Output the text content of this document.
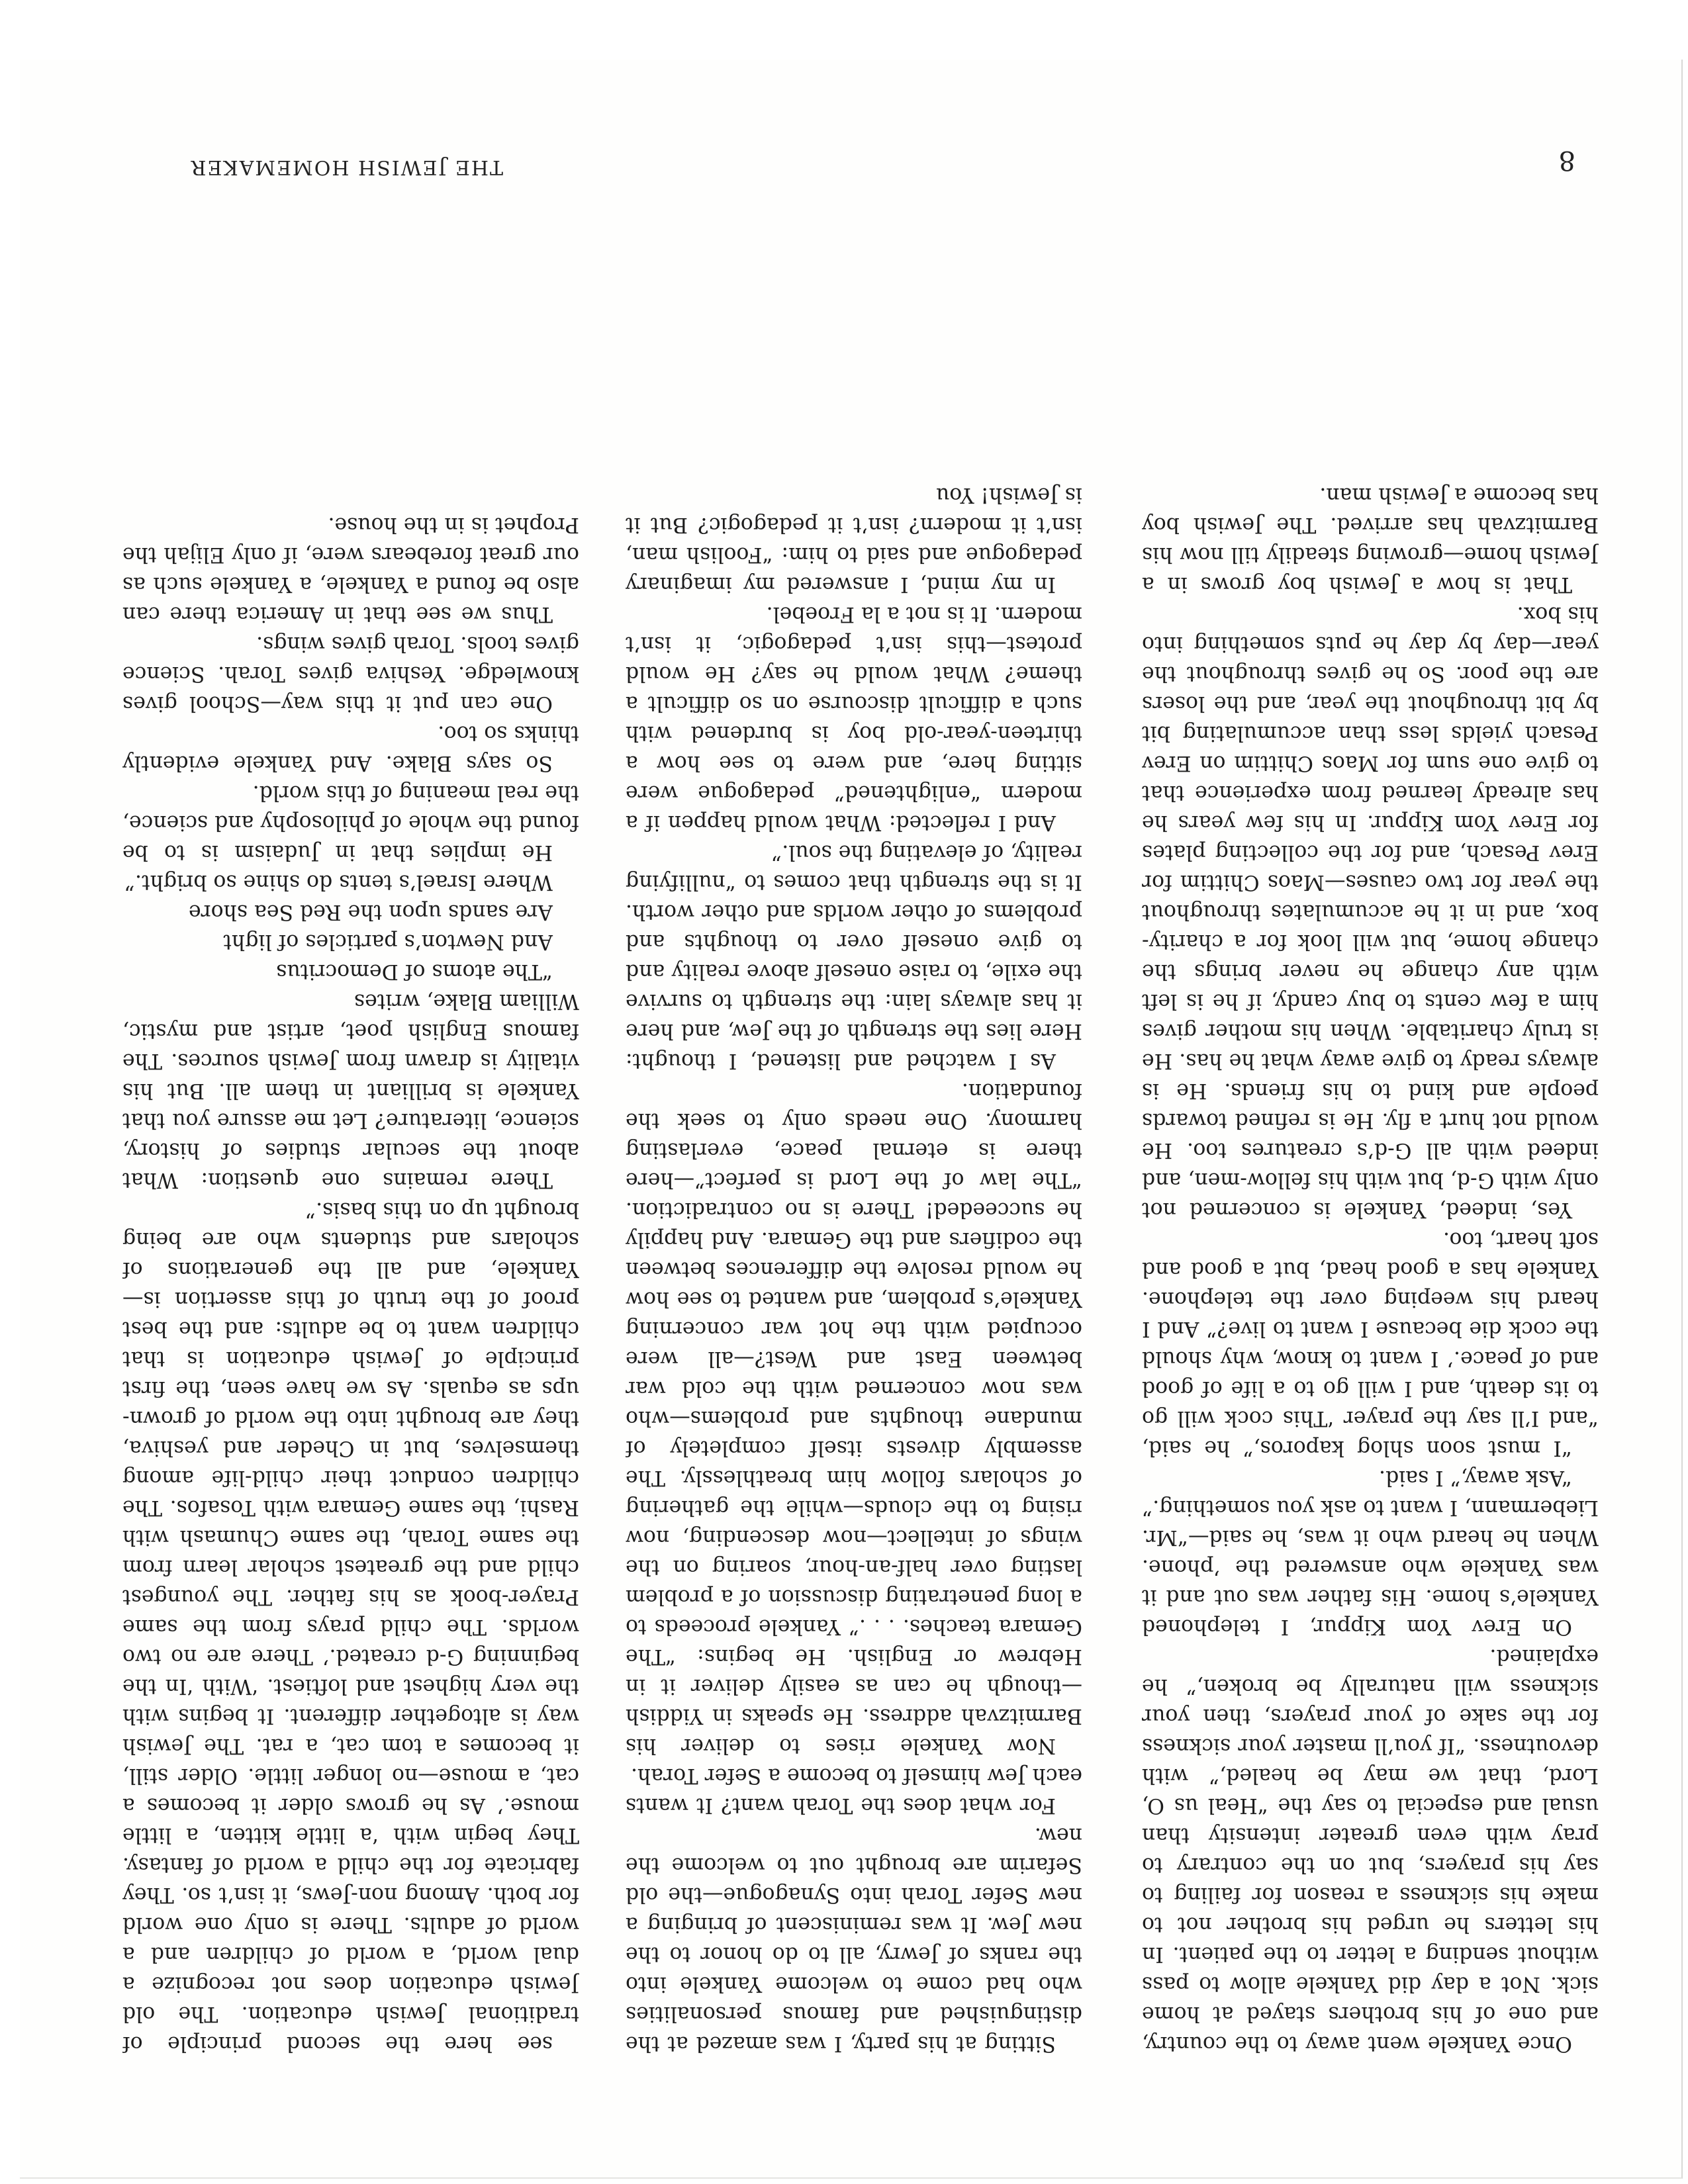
8
THE JEWISH HOMEMAKER

Once Yankele went away to the country, and one of his brothers stayed at home sick. Not a day did Yankele allow to pass without sending a letter to the patient. In his letters he urged his brother not to make his sickness a reason for failing to say his prayers, but on the contrary to pray with even greater intensity than usual and especial to say the “Heal us O, Lord, that we may be healed,” with devoutness. “If you’ll master your sickness for the sake of your prayers, then your sickness will naturally be broken,” he explained.

On Erev Yom Kippur, I telephoned Yankele’s home. His father was out and it was Yankele who answered the ’phone. When he heard who it was, he said—“Mr. Liebermann, I want to ask you something.”

“Ask away,” I said.

“I must soon shlog kaporos,” he said, “and I’ll say the prayer ‘This cock will go to its death, and I will go to a life of good and of peace.’ I want to know, why should the cock die because I want to live?” And I heard his weeping over the telephone. Yankele has a good head, but a good and soft heart, too.

Yes, indeed, Yankele is concerned not only with G-d, but with his fellow-men, and indeed with all G-d’s creatures too. He would not hurt a fly. He is refined towards people and kind to his friends. He is always ready to give away what he has. He is truly charitable. When his mother gives him a few cents to buy candy, if he is left with any change he never brings the change home, but will look for a charity-box, and in it he accumulates throughout the year for two causes—Maos Chittim for Erev Pesach, and for the collecting plates for Erev Yom Kippur. In his few years he has already learned from experience that to give one sum for Maos Chittim on Erev Pesach yields less than accumulating bit by bit throughout the year, and the losers are the poor. So he gives throughout the year—day by day he puts something into his box.

That is how a Jewish boy grows in a Jewish home—growing steadily till now his Barmitzvah has arrived. The Jewish boy has become a Jewish man.

Sitting at his party, I was amazed at the distinguished and famous personalities who had come to welcome Yankele into the ranks of Jewry, all to do honor to the new Jew. It was reminiscent of bringing a new Sefer Torah into Synagogue—the old Sefarim are brought out to welcome the new.

For what does the Torah want? It wants each Jew himself to become a Sefer Torah.

Now Yankele rises to deliver his Barmitzvah address. He speaks in Yiddish—though he can as easily deliver it in Hebrew or English. He begins: “The Gemara teaches. . . .” Yankele proceeds to a long penetrating discussion of a problem lasting over half-an-hour, soaring on the wings of intellect—now descending, now rising to the clouds—while the gathering of scholars follow him breathlessly. The assembly divests itself completely of mundane thoughts and problems—who was now concerned with the cold war between East and West?—all were occupied with the hot war concerning Yankele’s problem, and wanted to see how he would resolve the differences between the codifiers and the Gemara. And happily he succeeded! There is no contradiction. “The law of the Lord is perfect”—here there is eternal peace, everlasting harmony. One needs only to seek the foundation.

As I watched and listened, I thought: Here lies the strength of the Jew, and here it has always lain: the strength to survive the exile, to raise oneself above reality and to give oneself over to thoughts and problems of other worlds and other worth. It is the strength that comes to “nullifying reality, of elevating the soul.”

And I reflected: What would happen if a modern “enlightened” pedagogue were sitting here, and were to see how a thirteen-year-old boy is burdened with such a difficult discourse on so difficult a theme? What would he say? He would protest—this isn’t pedagogic, it isn’t modern. It is not a la Froebel.

In my mind, I answered my imaginary pedagogue and said to him: “Foolish man, isn’t it modern? isn’t it pedagogic? But it is Jewish! You

see here the second principle of traditional Jewish education. The old Jewish education does not recognize a dual world, a world of children and a world of adults. There is only one world for both. Among non-Jews, it isn’t so. They fabricate for the child a world of fantasy. They begin with ‘a little kitten, a little mouse.’ As he grows older it becomes a cat, a mouse—no longer little. Older still, it becomes a tom cat, a rat. The Jewish way is altogether different. It begins with the very highest and loftiest. ‘With ‘In the beginning G-d created.’ There are no two worlds. The child prays from the same Prayer-book as his father. The youngest child and the greatest scholar learn from the same Torah, the same Chumash with Rashi, the same Gemara with Tosafos. The children conduct their child-life among themselves, but in Cheder and yeshiva, they are brought into the world of grown-ups as equals. As we have seen, the first principle of Jewish education is that children want to be adults: and the best proof of the truth of this assertion is—Yankele, and all the generations of scholars and students who are being brought up on this basis.”

There remains one question: What about the secular studies of history, science, literature? Let me assure you that Yankele is brilliant in them all. But his vitality is drawn from Jewish sources. The famous English poet, artist and mystic, William Blake, writes

“The atoms of Democritus

And Newton’s particles of light

Are sands upon the Red Sea shore

Where Israel’s tents do shine so bright.”

He implies that in Judaism is to be found the whole of philosophy and science, the real meaning of this world.

So says Blake. And Yankele evidently thinks so too.

One can put it this way—School gives knowledge. Yeshiva gives Torah. Science gives tools. Torah gives wings.

Thus we see that in America there can also be found a Yankele, a Yankele such as our great forebears were, if only Elijah the Prophet is in the house.
